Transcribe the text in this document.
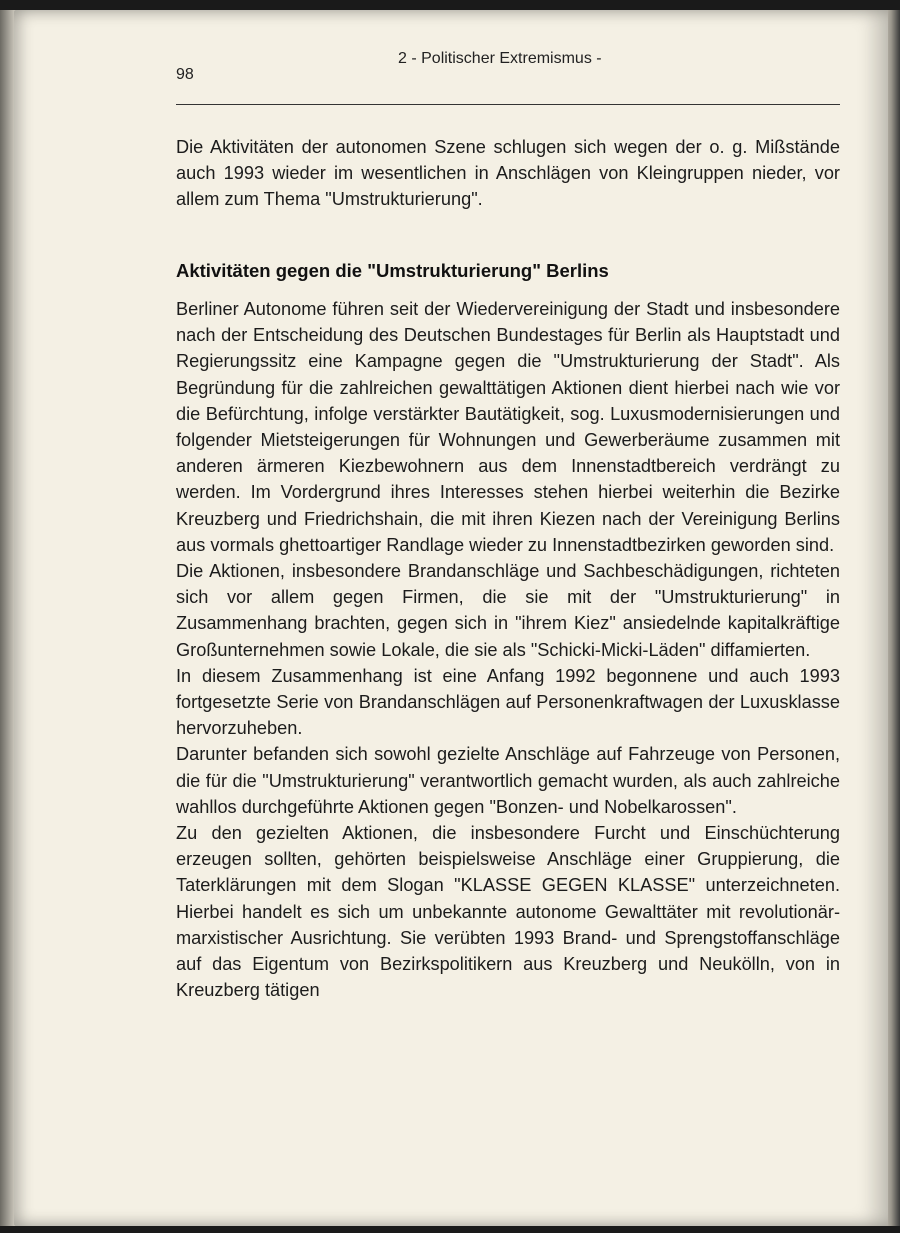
98
2 - Politischer Extremismus -

Die Aktivitäten der autonomen Szene schlugen sich wegen der o. g. Mißstände auch 1993 wieder im wesentlichen in Anschlägen von Kleingruppen nieder, vor allem zum Thema "Umstrukturierung".

Aktivitäten gegen die "Umstrukturierung" Berlins

Berliner Autonome führen seit der Wiedervereinigung der Stadt und insbesondere nach der Entscheidung des Deutschen Bundestages für Berlin als Hauptstadt und Regierungssitz eine Kampagne gegen die "Umstrukturierung der Stadt". Als Begründung für die zahlreichen gewalttätigen Aktionen dient hierbei nach wie vor die Befürchtung, infolge verstärkter Bautätigkeit, sog. Luxusmodernisierungen und folgender Mietsteigerungen für Wohnungen und Gewerberäume zusammen mit anderen ärmeren Kiezbewohnern aus dem Innenstadtbereich verdrängt zu werden. Im Vordergrund ihres Interesses stehen hierbei weiterhin die Bezirke Kreuzberg und Friedrichshain, die mit ihren Kiezen nach der Vereinigung Berlins aus vormals ghettoartiger Randlage wieder zu Innenstadtbezirken geworden sind.

Die Aktionen, insbesondere Brandanschläge und Sachbeschädigungen, richteten sich vor allem gegen Firmen, die sie mit der "Umstrukturierung" in Zusammenhang brachten, gegen sich in "ihrem Kiez" ansiedelnde kapitalkräftige Großunternehmen sowie Lokale, die sie als "Schicki-Micki-Läden" diffamierten.

In diesem Zusammenhang ist eine Anfang 1992 begonnene und auch 1993 fortgesetzte Serie von Brandanschlägen auf Personenkraftwagen der Luxusklasse hervorzuheben.

Darunter befanden sich sowohl gezielte Anschläge auf Fahrzeuge von Personen, die für die "Umstrukturierung" verantwortlich gemacht wurden, als auch zahlreiche wahllos durchgeführte Aktionen gegen "Bonzen- und Nobelkarossen".

Zu den gezielten Aktionen, die insbesondere Furcht und Einschüchterung erzeugen sollten, gehörten beispielsweise Anschläge einer Gruppierung, die Taterklärungen mit dem Slogan "KLASSE GEGEN KLASSE" unterzeichneten. Hierbei handelt es sich um unbekannte autonome Gewalttäter mit revolutionär-marxistischer Ausrichtung. Sie verübten 1993 Brand- und Sprengstoffanschläge auf das Eigentum von Bezirkspolitikern aus Kreuzberg und Neukölln, von in Kreuzberg tätigen
